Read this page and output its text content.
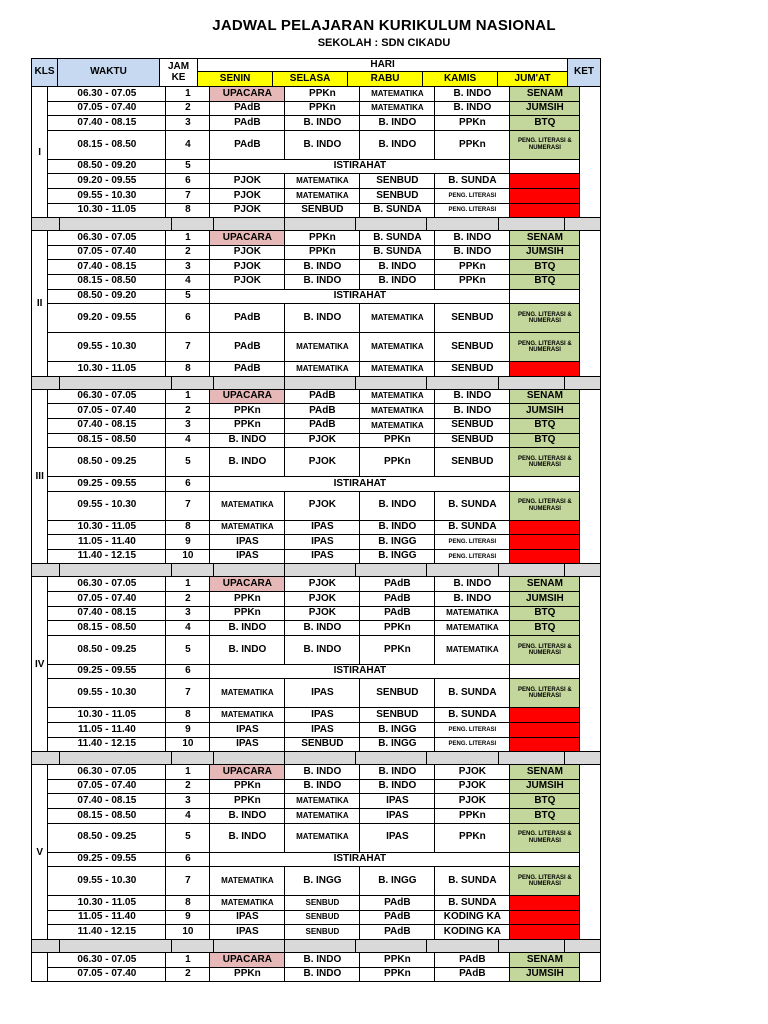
JADWAL PELAJARAN KURIKULUM NASIONAL
SEKOLAH : SDN CIKADU
KLS	WAKTU	JAM KE
HARI
SENIN	SELASA	RABU	KAMIS	JUM'AT
KET
I
06.30 - 07.05	1	UPACARA	PPKn	MATEMATIKA	B. INDO	SENAM
07.05 - 07.40	2	PAdB	PPKn	MATEMATIKA	B. INDO	JUMSIH
07.40 - 08.15	3	PAdB	B. INDO	B. INDO	PPKn	BTQ
08.15 - 08.50	4	PAdB	B. INDO	B. INDO	PPKn	PENG. LITERASI & NUMERASI
08.50 - 09.20	5	ISTIRAHAT
09.20 - 09.55	6	PJOK	MATEMATIKA	SENBUD	B. SUNDA
09.55 - 10.30	7	PJOK	MATEMATIKA	SENBUD	PENG. LITERASI
10.30 - 11.05	8	PJOK	SENBUD	B. SUNDA	PENG. LITERASI
II
06.30 - 07.05	1	UPACARA	PPKn	B. SUNDA	B. INDO	SENAM
07.05 - 07.40	2	PJOK	PPKn	B. SUNDA	B. INDO	JUMSIH
07.40 - 08.15	3	PJOK	B. INDO	B. INDO	PPKn	BTQ
08.15 - 08.50	4	PJOK	B. INDO	B. INDO	PPKn	BTQ
08.50 - 09.20	5	ISTIRAHAT
09.20 - 09.55	6	PAdB	B. INDO	MATEMATIKA	SENBUD	PENG. LITERASI & NUMERASI
09.55 - 10.30	7	PAdB	MATEMATIKA	MATEMATIKA	SENBUD	PENG. LITERASI & NUMERASI
10.30 - 11.05	8	PAdB	MATEMATIKA	MATEMATIKA	SENBUD
III
06.30 - 07.05	1	UPACARA	PAdB	MATEMATIKA	B. INDO	SENAM
07.05 - 07.40	2	PPKn	PAdB	MATEMATIKA	B. INDO	JUMSIH
07.40 - 08.15	3	PPKn	PAdB	MATEMATIKA	SENBUD	BTQ
08.15 - 08.50	4	B. INDO	PJOK	PPKn	SENBUD	BTQ
08.50 - 09.25	5	B. INDO	PJOK	PPKn	SENBUD	PENG. LITERASI & NUMERASI
09.25 - 09.55	6	ISTIRAHAT
09.55 - 10.30	7	MATEMATIKA	PJOK	B. INDO	B. SUNDA	PENG. LITERASI & NUMERASI
10.30 - 11.05	8	MATEMATIKA	IPAS	B. INDO	B. SUNDA
11.05 - 11.40	9	IPAS	IPAS	B. INGG	PENG. LITERASI
11.40 - 12.15	10	IPAS	IPAS	B. INGG	PENG. LITERASI
IV
06.30 - 07.05	1	UPACARA	PJOK	PAdB	B. INDO	SENAM
07.05 - 07.40	2	PPKn	PJOK	PAdB	B. INDO	JUMSIH
07.40 - 08.15	3	PPKn	PJOK	PAdB	MATEMATIKA	BTQ
08.15 - 08.50	4	B. INDO	B. INDO	PPKn	MATEMATIKA	BTQ
08.50 - 09.25	5	B. INDO	B. INDO	PPKn	MATEMATIKA	PENG. LITERASI & NUMERASI
09.25 - 09.55	6	ISTIRAHAT
09.55 - 10.30	7	MATEMATIKA	IPAS	SENBUD	B. SUNDA	PENG. LITERASI & NUMERASI
10.30 - 11.05	8	MATEMATIKA	IPAS	SENBUD	B. SUNDA
11.05 - 11.40	9	IPAS	IPAS	B. INGG	PENG. LITERASI
11.40 - 12.15	10	IPAS	SENBUD	B. INGG	PENG. LITERASI
V
06.30 - 07.05	1	UPACARA	B. INDO	B. INDO	PJOK	SENAM
07.05 - 07.40	2	PPKn	B. INDO	B. INDO	PJOK	JUMSIH
07.40 - 08.15	3	PPKn	MATEMATIKA	IPAS	PJOK	BTQ
08.15 - 08.50	4	B. INDO	MATEMATIKA	IPAS	PPKn	BTQ
08.50 - 09.25	5	B. INDO	MATEMATIKA	IPAS	PPKn	PENG. LITERASI & NUMERASI
09.25 - 09.55	6	ISTIRAHAT
09.55 - 10.30	7	MATEMATIKA	B. INGG	B. INGG	B. SUNDA	PENG. LITERASI & NUMERASI
10.30 - 11.05	8	MATEMATIKA	SENBUD	PAdB	B. SUNDA
11.05 - 11.40	9	IPAS	SENBUD	PAdB	KODING KA
11.40 - 12.15	10	IPAS	SENBUD	PAdB	KODING KA
06.30 - 07.05	1	UPACARA	B. INDO	PPKn	PAdB	SENAM
07.05 - 07.40	2	PPKn	B. INDO	PPKn	PAdB	JUMSIH
